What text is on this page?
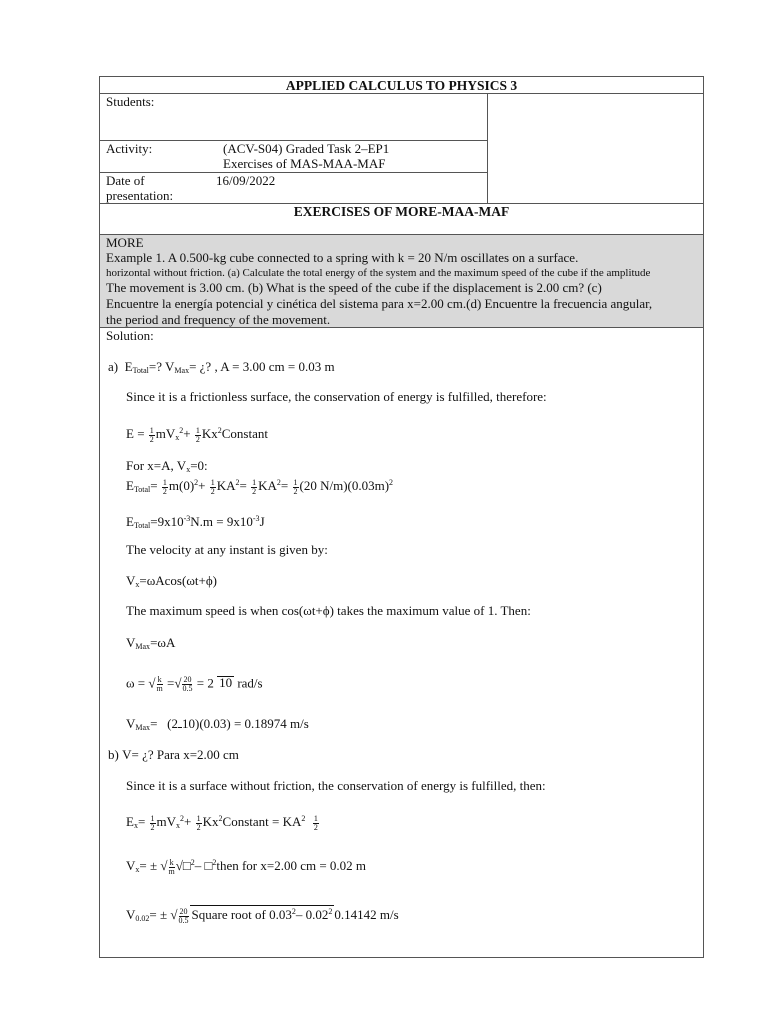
APPLIED CALCULUS TO PHYSICS 3
Students:
Activity:	(ACV-S04) Graded Task 2–EP1
Exercises of MAS-MAA-MAF
Date of
presentation:
16/09/2022
EXERCISES OF MORE-MAA-MAF
MORE
Example 1. A 0.500-kg cube connected to a spring with k = 20 N/m oscillates on a surface.
horizontal without friction. (a) Calculate the total energy of the system and the maximum speed of the cube if the amplitude
The movement is 3.00 cm. (b) What is the speed of the cube if the displacement is 2.00 cm? (c)
Encuentre la energía potencial y cinética del sistema para x=2.00 cm.(d) Encuentre la frecuencia angular,
the period and frequency of the movement.
Solution:
a)  $E_{Total}=$? $V_{Max}=$ ¿? , A = 3.00 cm = 0.03 m
Since it is a frictionless surface, the conservation of energy is fulfilled, therefore:
$E = \frac{1}{2} mV_x^2+ \frac{1}{2}$ Kx$^2$Constant
For x=A, $V_x=0$:
$E_{Total}= \frac{1}{2} m(0)^2+ \frac{1}{2} KA^2= \frac{1}{2} KA^2= \frac{1}{2} (20$ $N/m)(0.03m)^2$
$E_{Total}=9x10^{-3}N.m = 9x10^{-3}J$
The velocity at any instant is given by:
$V_x=\omega Acos(\omega t+\phi)$
The maximum speed is when cos(ωt+ϕ) takes the maximum value of 1. Then:
$V_{Max}=\omega A$
ω = √ $\frac{k}{m}$ =√ $\frac{20}{0.5} = 2$ 10 rad/s
$V_{Max}= (2$ 10)(0.03) = 0.18974 m/s
b) V= ¿? Para x=2.00 cm
Since it is a surface without friction, the conservation of energy is fulfilled, then:
$E_x= \frac{1}{2} mV_x^2+ \frac{1}{2}$ $Kx^2Constant = KA^2 \frac{1}{2}$
$V_x=$ ± √ $\frac{k}{m}$ √□$^2$– □$^2$then for x=2.00 cm = 0.02 m
$V_{0.02}=$ ± √ $\frac{20}{0.5}$ Square root of 0.03$^2$– 0.02$^2$ 0.14142 m/s
